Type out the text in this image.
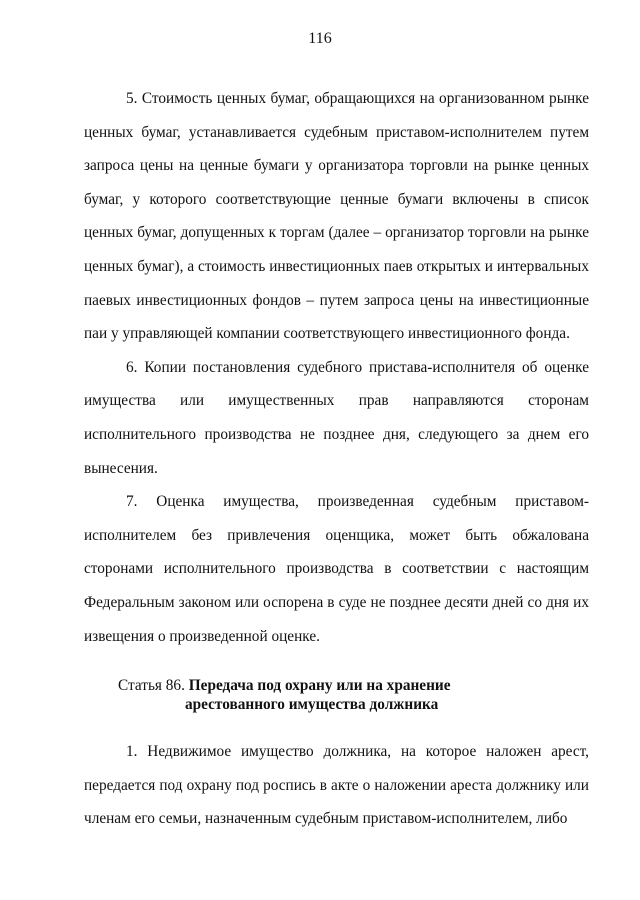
116

5. Стоимость ценных бумаг, обращающихся на организованном рынке ценных бумаг, устанавливается судебным приставом-исполнителем путем запроса цены на ценные бумаги у организатора торговли на рынке ценных бумаг, у которого соответствующие ценные бумаги включены в список ценных бумаг, допущенных к торгам (далее – организатор торговли на рынке ценных бумаг), а стоимость инвестиционных паев открытых и интервальных паевых инвестиционных фондов – путем запроса цены на инвестиционные паи у управляющей компании соответствующего инвестиционного фонда.

6. Копии постановления судебного пристава-исполнителя об оценке имущества или имущественных прав направляются сторонам исполнительного производства не позднее дня, следующего за днем его вынесения.

7. Оценка имущества, произведенная судебным приставом-исполнителем без привлечения оценщика, может быть обжалована сторонами исполнительного производства в соответствии с настоящим Федеральным законом или оспорена в суде не позднее десяти дней со дня их извещения о произведенной оценке.

Статья 86. Передача под охрану или на хранение
арестованного имущества должника

1. Недвижимое имущество должника, на которое наложен арест, передается под охрану под роспись в акте о наложении ареста должнику или членам его семьи, назначенным судебным приставом-исполнителем, либо
